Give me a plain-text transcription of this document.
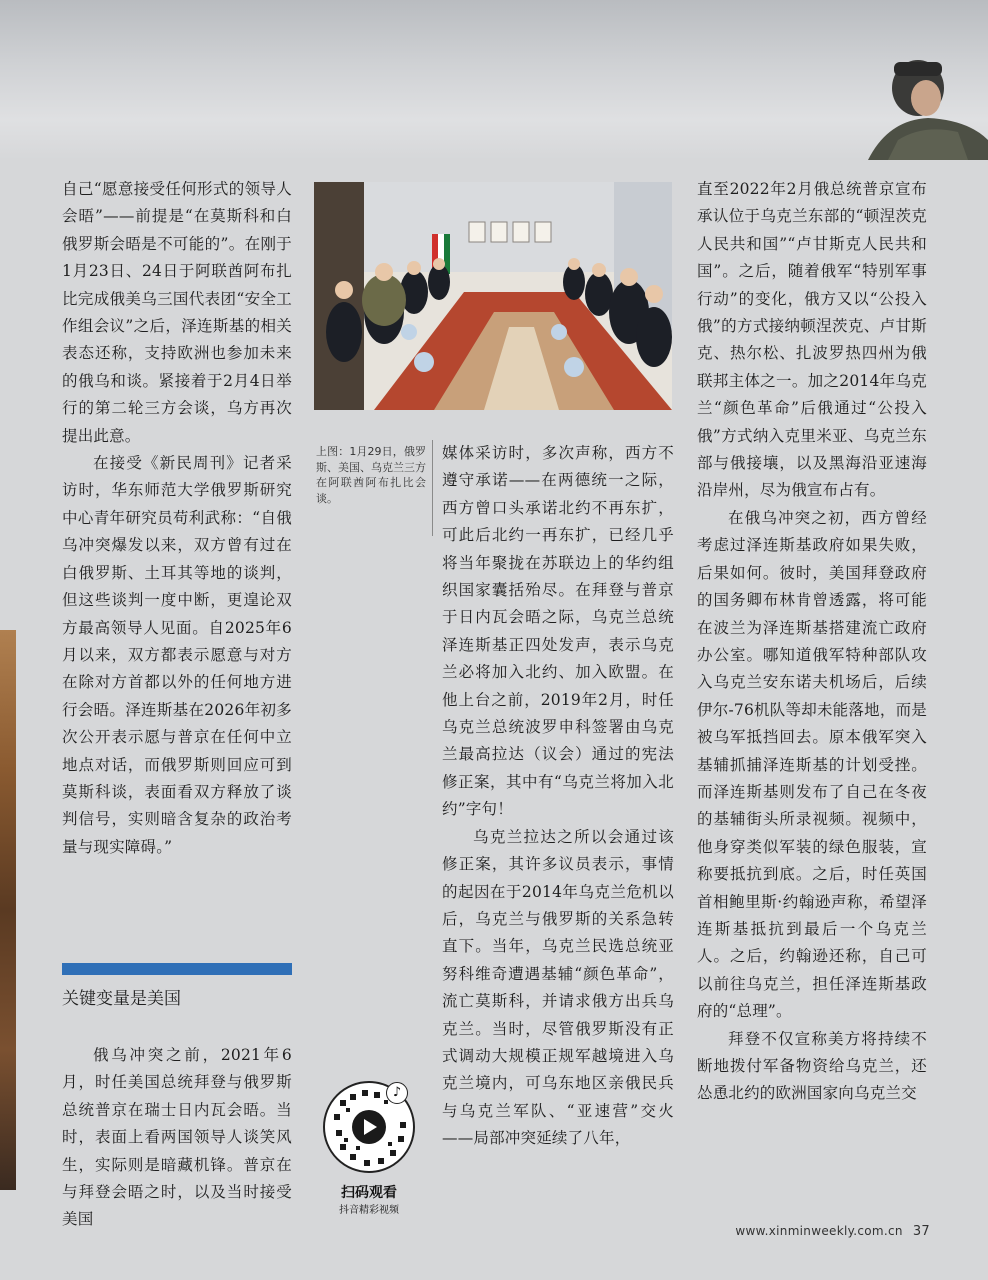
自己“愿意接受任何形式的领导人会晤”——前提是“在莫斯科和白俄罗斯会晤是不可能的”。在刚于1月23日、24日于阿联酋阿布扎比完成俄美乌三国代表团“安全工作组会议”之后，泽连斯基的相关表态还称，支持欧洲也参加未来的俄乌和谈。紧接着于2月4日举行的第二轮三方会谈，乌方再次提出此意。

在接受《新民周刊》记者采访时，华东师范大学俄罗斯研究中心青年研究员苟利武称：“自俄乌冲突爆发以来，双方曾有过在白俄罗斯、土耳其等地的谈判，但这些谈判一度中断，更遑论双方最高领导人见面。自2025年6月以来，双方都表示愿意与对方在除对方首都以外的任何地方进行会晤。泽连斯基在2026年初多次公开表示愿与普京在任何中立地点对话，而俄罗斯则回应可到莫斯科谈，表面看双方释放了谈判信号，实则暗含复杂的政治考量与现实障碍。”

关键变量是美国

俄乌冲突之前，2021年6月，时任美国总统拜登与俄罗斯总统普京在瑞士日内瓦会晤。当时，表面上看两国领导人谈笑风生，实际则是暗藏机锋。普京在与拜登会晤之时，以及当时接受美国

上图：1月29日，俄罗斯、美国、乌克兰三方在阿联酋阿布扎比会谈。

媒体采访时，多次声称，西方不遵守承诺——在两德统一之际，西方曾口头承诺北约不再东扩，可此后北约一再东扩，已经几乎将当年聚拢在苏联边上的华约组织国家囊括殆尽。在拜登与普京于日内瓦会晤之际，乌克兰总统泽连斯基正四处发声，表示乌克兰必将加入北约、加入欧盟。在他上台之前，2019年2月，时任乌克兰总统波罗申科签署由乌克兰最高拉达（议会）通过的宪法修正案，其中有“乌克兰将加入北约”字句！

乌克兰拉达之所以会通过该修正案，其许多议员表示，事情的起因在于2014年乌克兰危机以后，乌克兰与俄罗斯的关系急转直下。当年，乌克兰民选总统亚努科维奇遭遇基辅“颜色革命”，流亡莫斯科，并请求俄方出兵乌克兰。当时，尽管俄罗斯没有正式调动大规模正规军越境进入乌克兰境内，可乌东地区亲俄民兵与乌克兰军队、“亚速营”交火——局部冲突延续了八年，

直至2022年2月俄总统普京宣布承认位于乌克兰东部的“顿涅茨克人民共和国”“卢甘斯克人民共和国”。之后，随着俄军“特别军事行动”的变化，俄方又以“公投入俄”的方式接纳顿涅茨克、卢甘斯克、热尔松、扎波罗热四州为俄联邦主体之一。加之2014年乌克兰“颜色革命”后俄通过“公投入俄”方式纳入克里米亚、乌克兰东部与俄接壤，以及黑海沿亚速海沿岸州，尽为俄宣布占有。

在俄乌冲突之初，西方曾经考虑过泽连斯基政府如果失败，后果如何。彼时，美国拜登政府的国务卿布林肯曾透露，将可能在波兰为泽连斯基搭建流亡政府办公室。哪知道俄军特种部队攻入乌克兰安东诺夫机场后，后续伊尔-76机队等却未能落地，而是被乌军抵挡回去。原本俄军突入基辅抓捕泽连斯基的计划受挫。而泽连斯基则发布了自己在冬夜的基辅街头所录视频。视频中，他身穿类似军装的绿色服装，宣称要抵抗到底。之后，时任英国首相鲍里斯·约翰逊声称，希望泽连斯基抵抗到最后一个乌克兰人。之后，约翰逊还称，自己可以前往乌克兰，担任泽连斯基政府的“总理”。

拜登不仅宣称美方将持续不断地拨付军备物资给乌克兰，还怂恿北约的欧洲国家向乌克兰交

♪
扫码观看
抖音精彩视频
www.xinminweekly.com.cn 37
